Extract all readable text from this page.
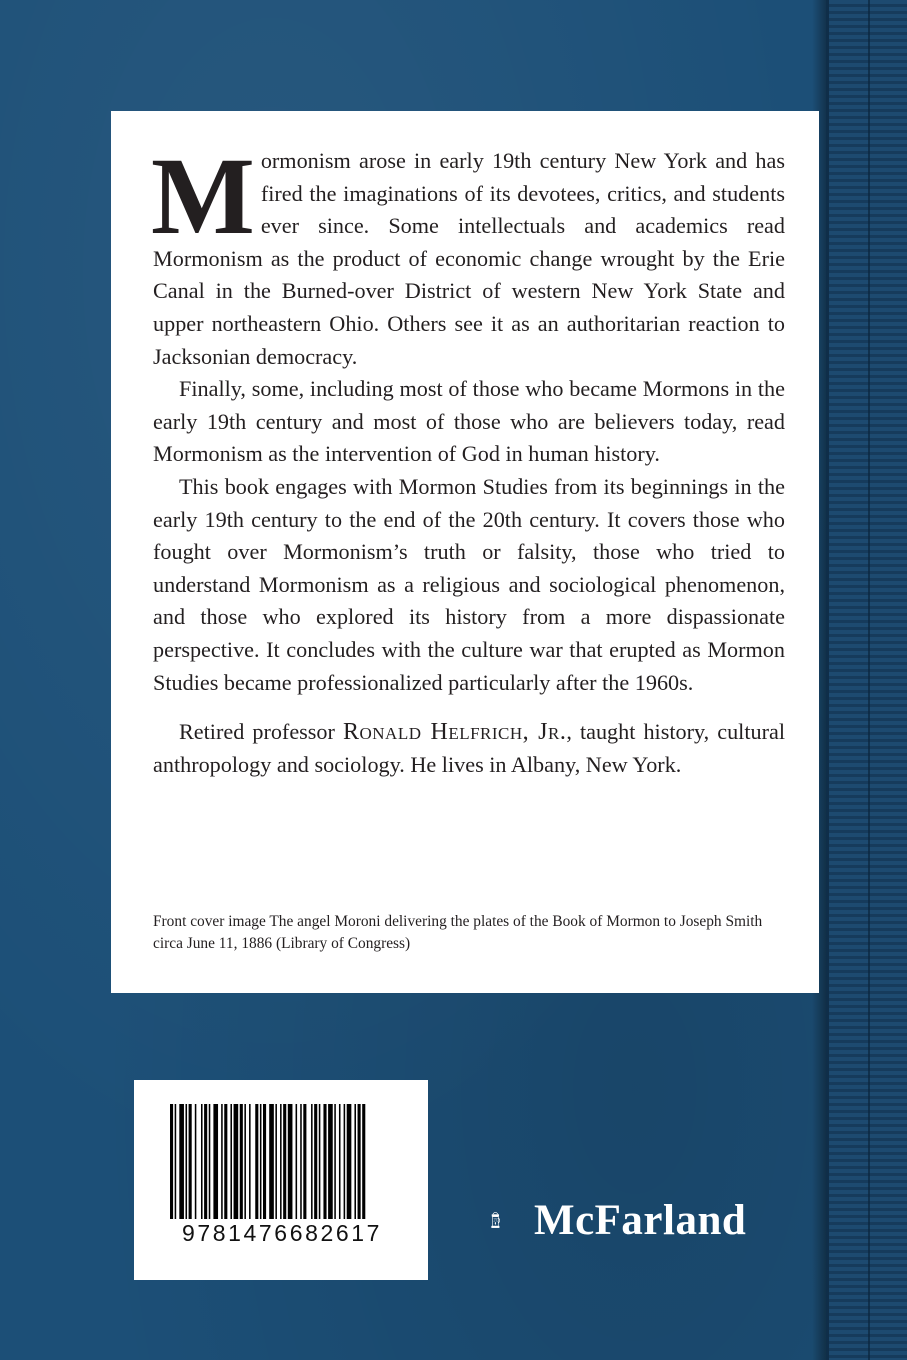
Mormonism arose in early 19th century New York and has fired the imaginations of its devotees, critics, and students ever since. Some intellectuals and academics read Mormonism as the product of economic change wrought by the Erie Canal in the Burned-over District of western New York State and upper northeastern Ohio. Others see it as an authoritarian reaction to Jacksonian democracy.

Finally, some, including most of those who became Mormons in the early 19th century and most of those who are believers today, read Mormonism as the intervention of God in human history.

This book engages with Mormon Studies from its beginnings in the early 19th century to the end of the 20th century. It covers those who fought over Mormonism’s truth or falsity, those who tried to understand Mormonism as a religious and sociological phenomenon, and those who explored its history from a more dispassionate perspective. It concludes with the culture war that erupted as Mormon Studies became professionalized particularly after the 1960s.

Retired professor Ronald Helfrich, Jr., taught history, cultural anthropology and sociology. He lives in Albany, New York.

Front cover image The angel Moroni delivering the plates of the Book of Mormon to Joseph Smith circa June 11, 1886 (Library of Congress)
9781476682617	McFarland
